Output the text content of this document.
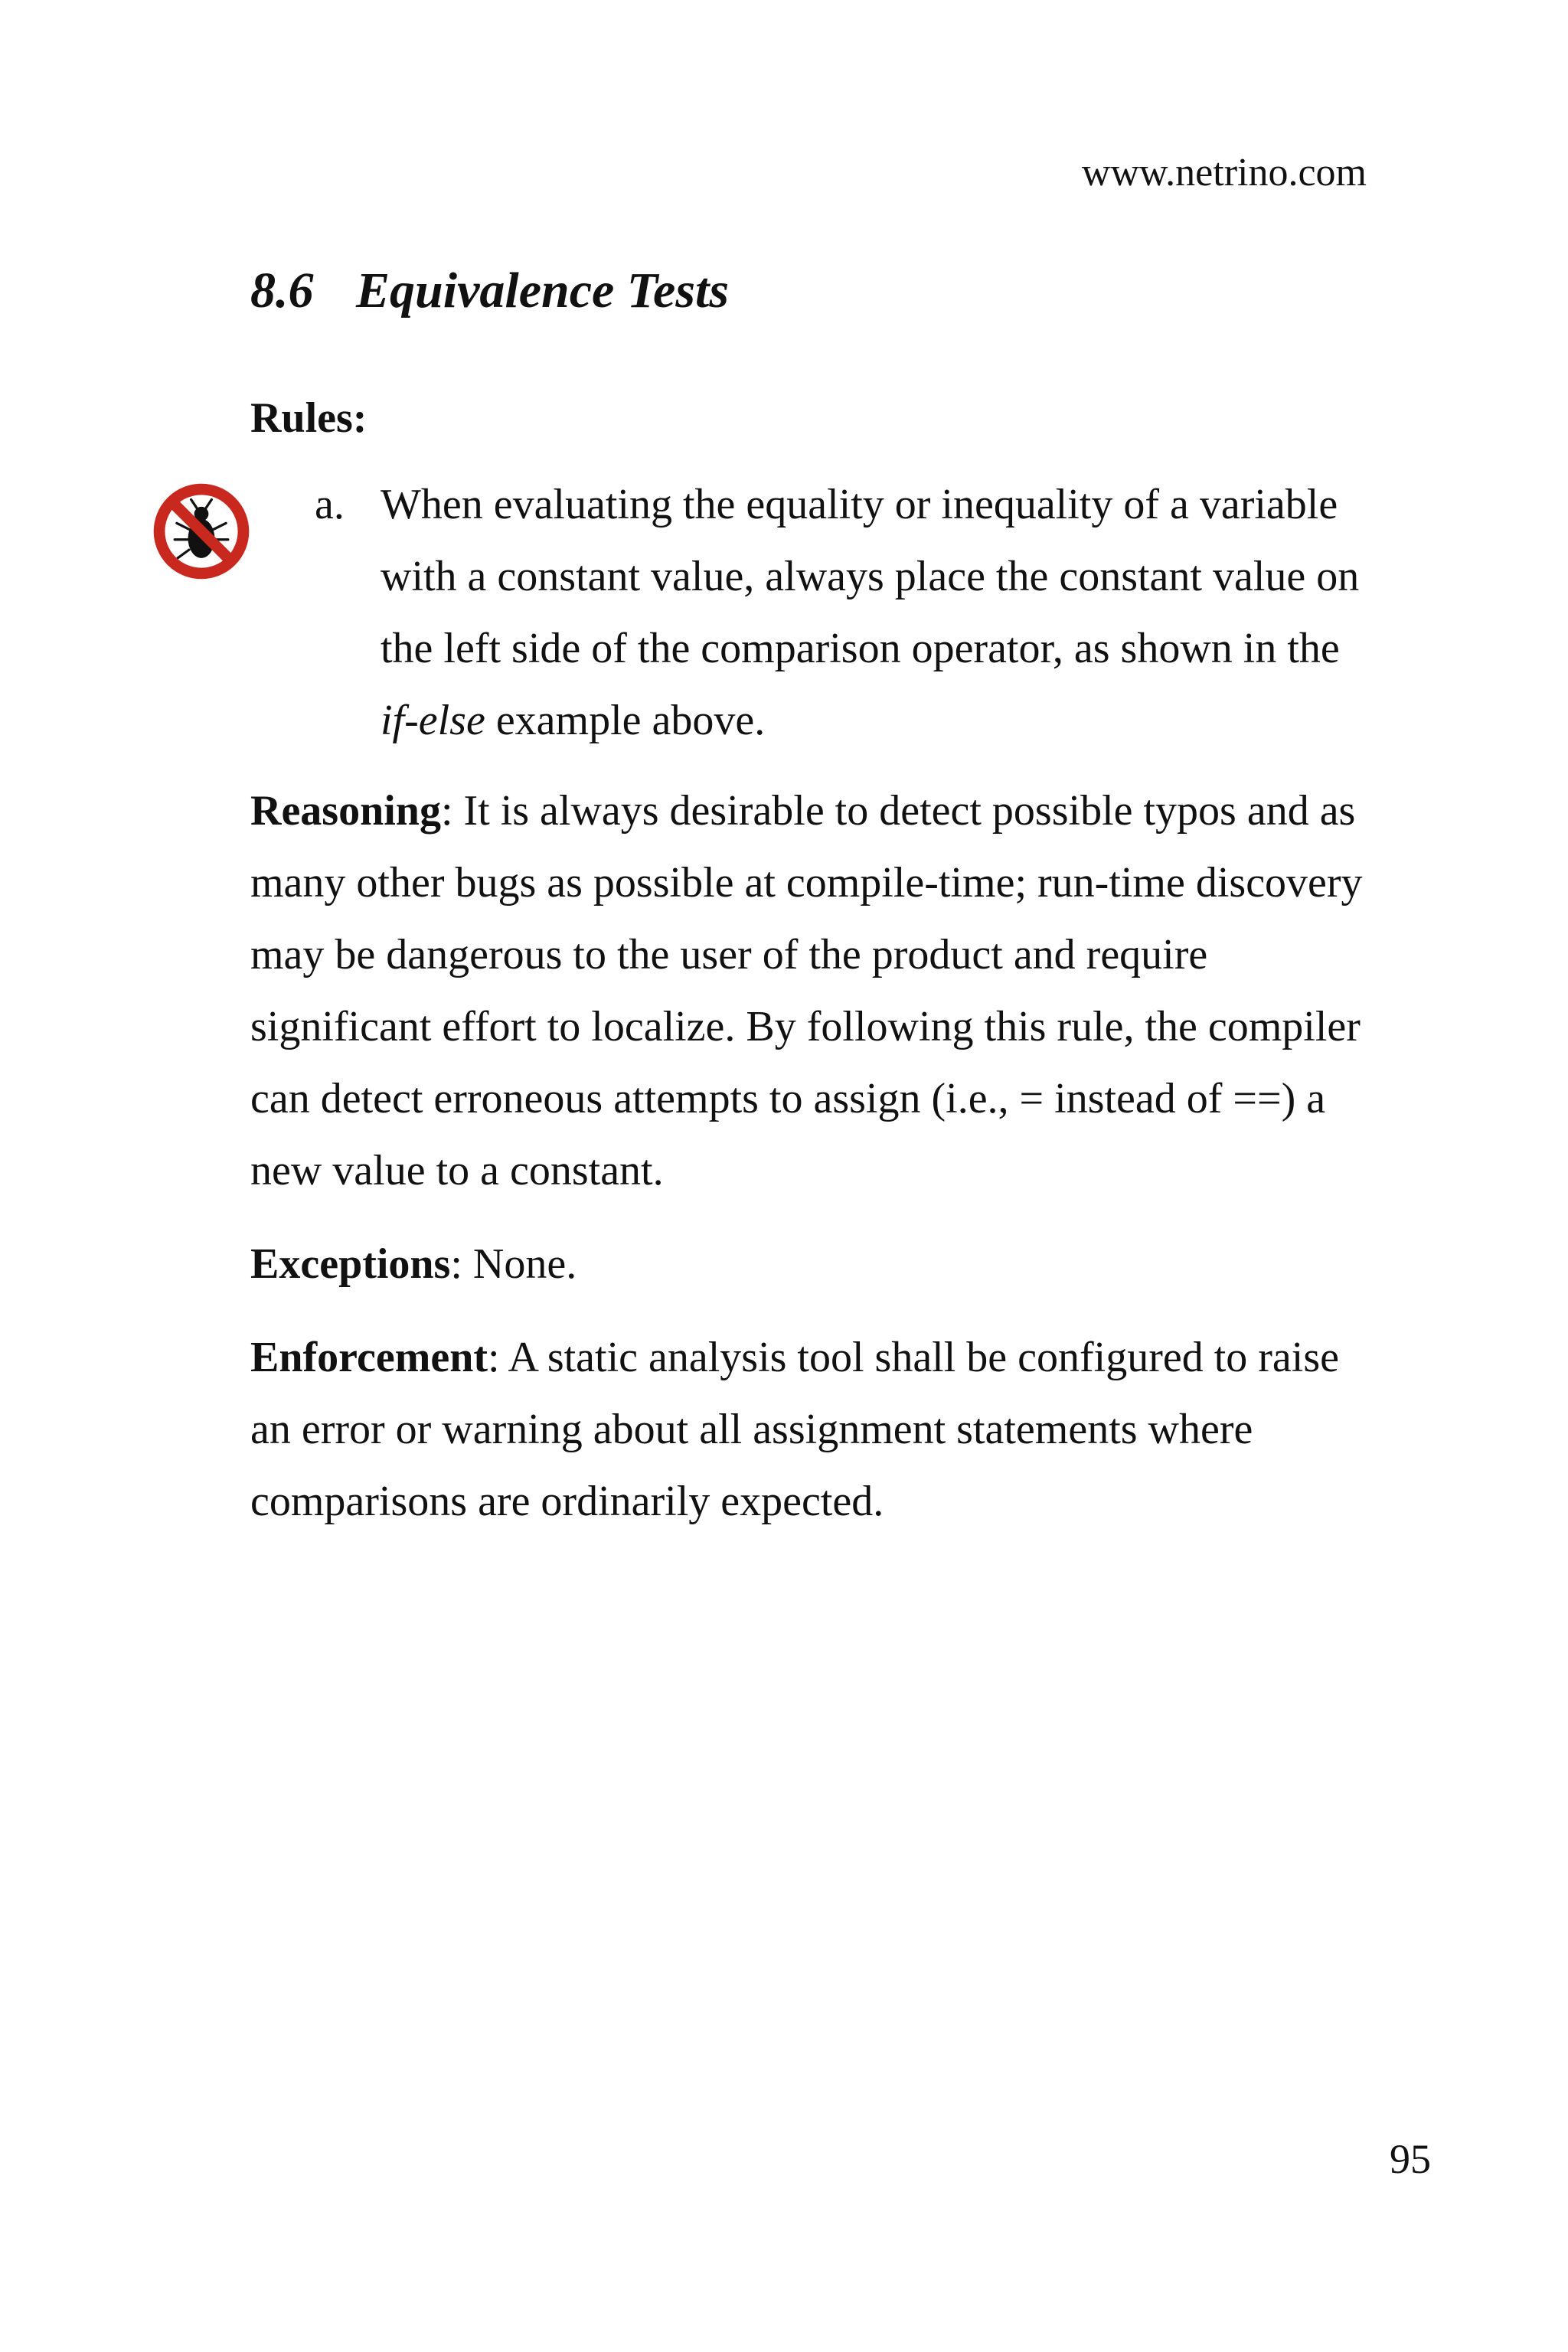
www.netrino.com
8.6 Equivalence Tests
Rules:
a. When evaluating the equality or inequality of a variable with a constant value, always place the constant value on the left side of the comparison operator, as shown in the if-else example above.

Reasoning: It is always desirable to detect possible typos and as many other bugs as possible at compile-time; run-time discovery may be dangerous to the user of the product and require significant effort to localize. By following this rule, the compiler can detect erroneous attempts to assign (i.e., = instead of ==) a new value to a constant.

Exceptions: None.

Enforcement: A static analysis tool shall be configured to raise an error or warning about all assignment statements where comparisons are ordinarily expected.

95
